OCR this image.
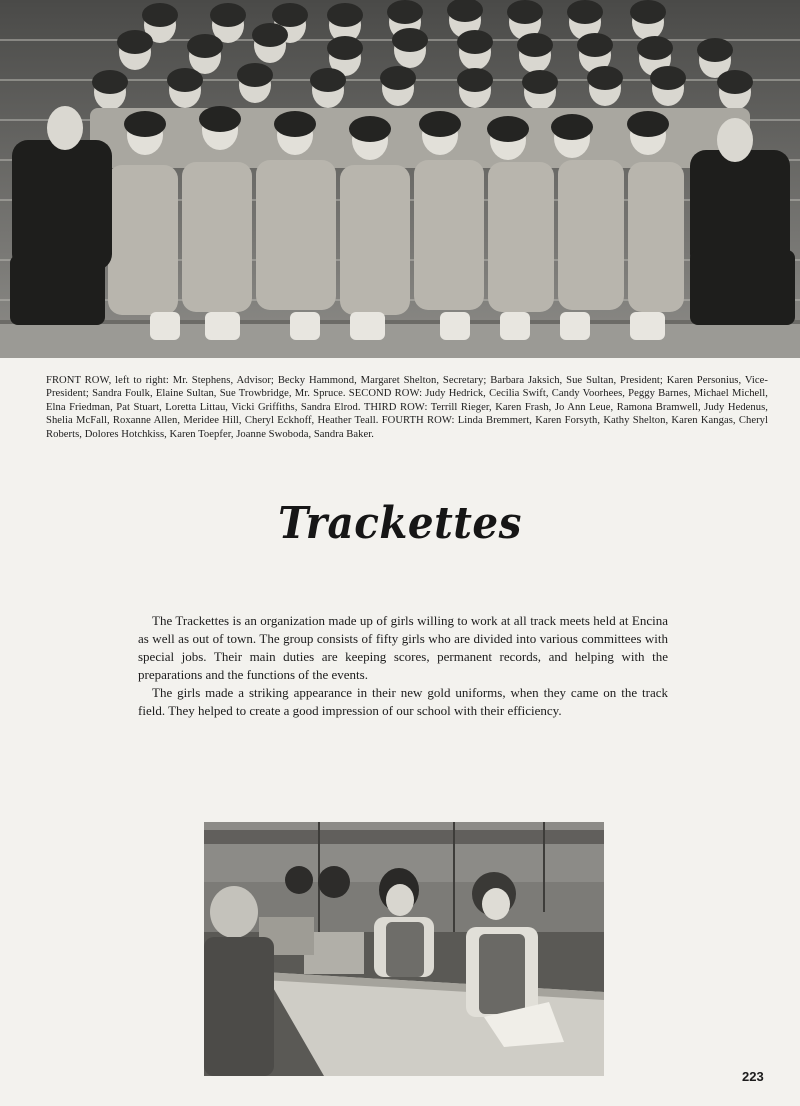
FRONT ROW, left to right: Mr. Stephens, Advisor; Becky Hammond, Margaret Shelton, Secretary; Barbara Jaksich, Sue Sultan, President; Karen Personius, Vice-President; Sandra Foulk, Elaine Sultan, Sue Trowbridge, Mr. Spruce. SECOND ROW: Judy Hedrick, Cecilia Swift, Candy Voorhees, Peggy Barnes, Michael Michell, Elna Friedman, Pat Stuart, Loretta Littau, Vicki Griffiths, Sandra Elrod. THIRD ROW: Terrill Rieger, Karen Frash, Jo Ann Leue, Ramona Bramwell, Judy Hedenus, Shelia McFall, Roxanne Allen, Meridee Hill, Cheryl Eckhoff, Heather Teall. FOURTH ROW: Linda Bremmert, Karen Forsyth, Kathy Shelton, Karen Kangas, Cheryl Roberts, Dolores Hotchkiss, Karen Toepfer, Joanne Swoboda, Sandra Baker.
Trackettes

The Trackettes is an organization made up of girls willing to work at all track meets held at Encina as well as out of town. The group consists of fifty girls who are divided into various committees with special jobs. Their main duties are keeping scores, permanent records, and helping with the preparations and the functions of the events.

The girls made a striking appearance in their new gold uniforms, when they came on the track field. They helped to create a good impression of our school with their efficiency.

223
